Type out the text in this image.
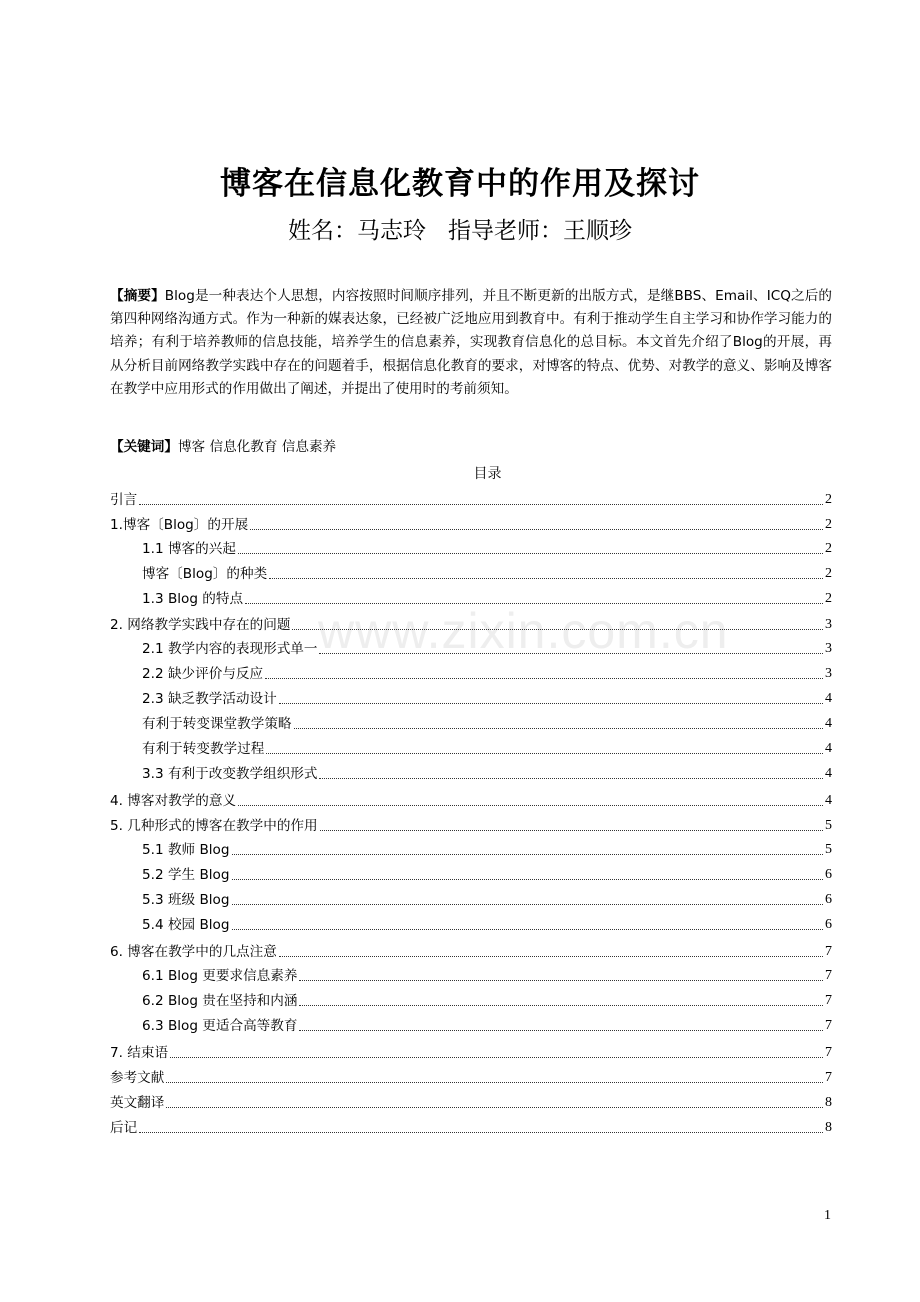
博客在信息化教育中的作用及探讨
姓名：马志玲 指导老师：王顺珍

【摘要】Blog是一种表达个人思想，内容按照时间顺序排列，并且不断更新的出版方式，是继BBS、Email、ICQ之后的第四种网络沟通方式。作为一种新的媒表达象，已经被广泛地应用到教育中。有利于推动学生自主学习和协作学习能力的培养；有利于培养教师的信息技能，培养学生的信息素养，实现教育信息化的总目标。本文首先介绍了Blog的开展，再从分析目前网络教学实践中存在的问题着手，根据信息化教育的要求，对博客的特点、优势、对教学的意义、影响及博客在教学中应用形式的作用做出了阐述，并提出了使用时的考前须知。

【关键词】博客 信息化教育 信息素养

目录
www.zixin.com.cn
引言	2
1.博客〔Blog〕的开展	2
1.1 博客的兴起	2
博客〔Blog〕的种类	2
1.3 Blog 的特点	2
2. 网络教学实践中存在的问题	3
2.1 教学内容的表现形式单一	3
2.2 缺少评价与反应	3
2.3 缺乏教学活动设计	4
有利于转变课堂教学策略	4
有利于转变教学过程	4
3.3 有利于改变教学组织形式	4
4. 博客对教学的意义	4
5. 几种形式的博客在教学中的作用	5
5.1 教师 Blog	5
5.2 学生 Blog	6
5.3 班级 Blog	6
5.4 校园 Blog	6
6. 博客在教学中的几点注意	7
6.1 Blog 更要求信息素养	7
6.2 Blog 贵在坚持和内涵	7
6.3 Blog 更适合高等教育	7
7. 结束语	7
参考文献	7
英文翻译	8
后记	8
1
